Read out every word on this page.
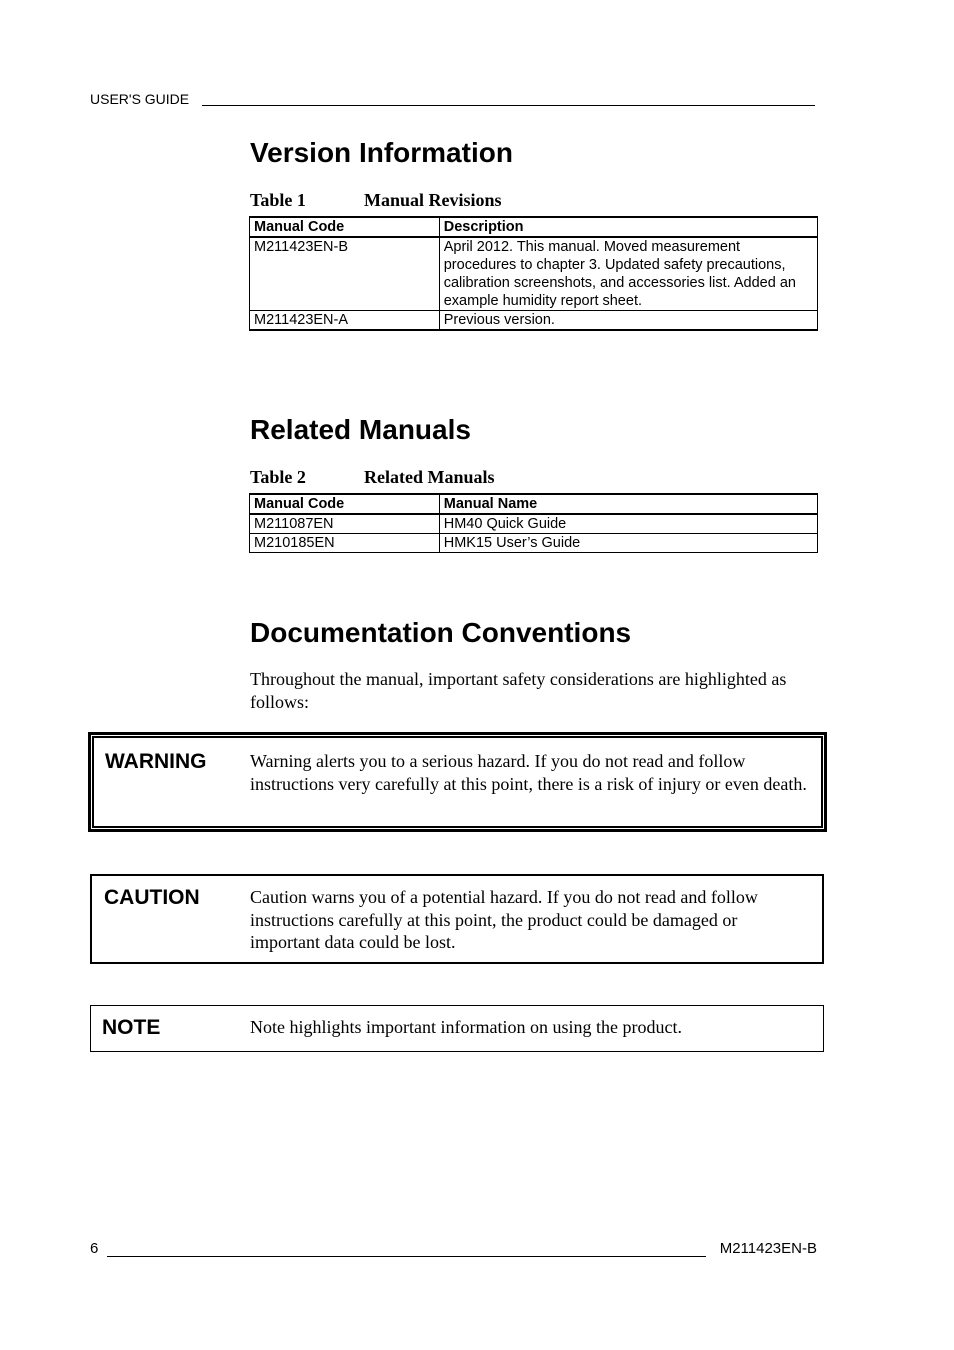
USER'S GUIDE
Version Information
Table 1	Manual Revisions
Manual Code	Description
M211423EN-B	April 2012. This manual. Moved measurement procedures to chapter 3. Updated safety precautions, calibration screenshots, and accessories list. Added an example humidity report sheet.
M211423EN-A	Previous version.
Related Manuals
Table 2	Related Manuals
Manual Code	Manual Name
M211087EN	HM40 Quick Guide
M210185EN	HMK15 User’s Guide
Documentation Conventions
Throughout the manual, important safety considerations are highlighted as follows:
WARNING Warning alerts you to a serious hazard. If you do not read and follow instructions very carefully at this point, there is a risk of injury or even death.
CAUTION	Caution warns you of a potential hazard. If you do not read and follow instructions carefully at this point, the product could be damaged or important data could be lost.
NOTE	Note highlights important information on using the product.
6	M211423EN-B
